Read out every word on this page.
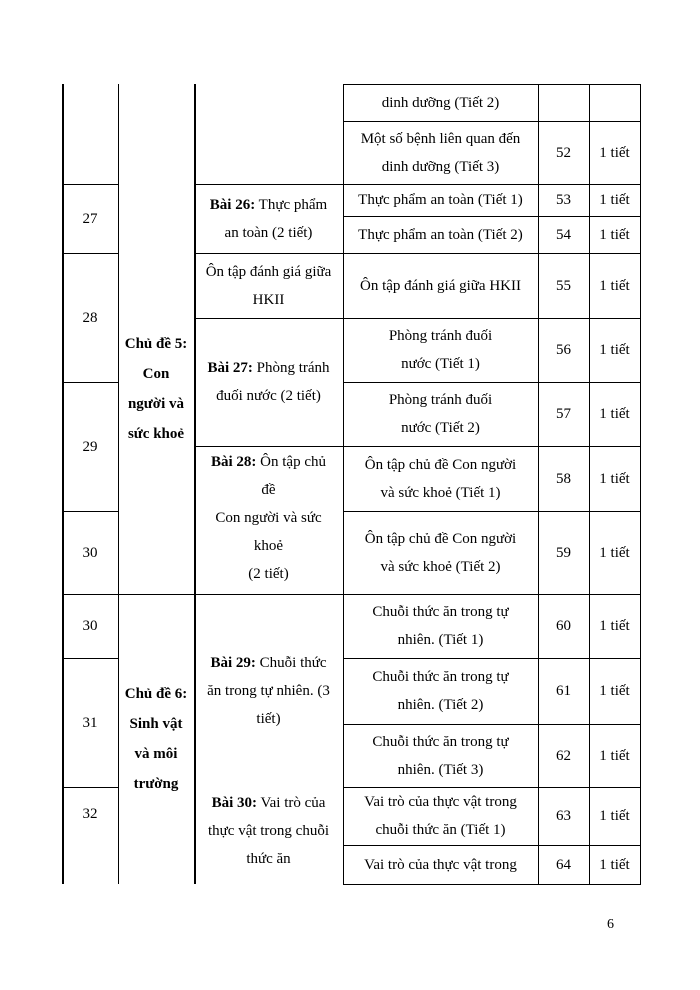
dinh dưỡng (Tiết 2)
Một số bệnh liên quan đến
dinh dưỡng (Tiết 3)
52 1 tiết
Thực phẩm an toàn (Tiết 1) 53 1 tiết
Thực phẩm an toàn (Tiết 2) 54 1 tiết
Ôn tập đánh giá giữa HKII 55 1 tiết
Phòng tránh đuối
nước (Tiết 1)
56 1 tiết
Phòng tránh đuối
nước (Tiết 2)
57 1 tiết
Ôn tập chủ đề Con người
và sức khoẻ (Tiết 1)
58 1 tiết
Ôn tập chủ đề Con người
và sức khoẻ (Tiết 2)
59 1 tiết
Chuỗi thức ăn trong tự
nhiên. (Tiết 1)
60 1 tiết
Chuỗi thức ăn trong tự
nhiên. (Tiết 2)
61 1 tiết
Chuỗi thức ăn trong tự
nhiên. (Tiết 3)
62 1 tiết
Vai trò của thực vật trong
chuỗi thức ăn (Tiết 1)
63 1 tiết
Vai trò của thực vật trong	64 1 tiết
27
28
29
30
30
31
32
Chủ đề 5:
Con
người và
sức khoẻ
Chủ đề 6:
Sinh vật
và môi
trường
Bài 26: Thực phẩm
an toàn (2 tiết)
Ôn tập đánh giá giữa
HKII
Bài 27: Phòng tránh
đuối nước (2 tiết)
Bài 28: Ôn tập chủ
đề
Con người và sức
khoẻ
(2 tiết)
Bài 29: Chuỗi thức
ăn trong tự nhiên. (3
tiết)
Bài 30: Vai trò của
thực vật trong chuỗi
thức ăn
6
